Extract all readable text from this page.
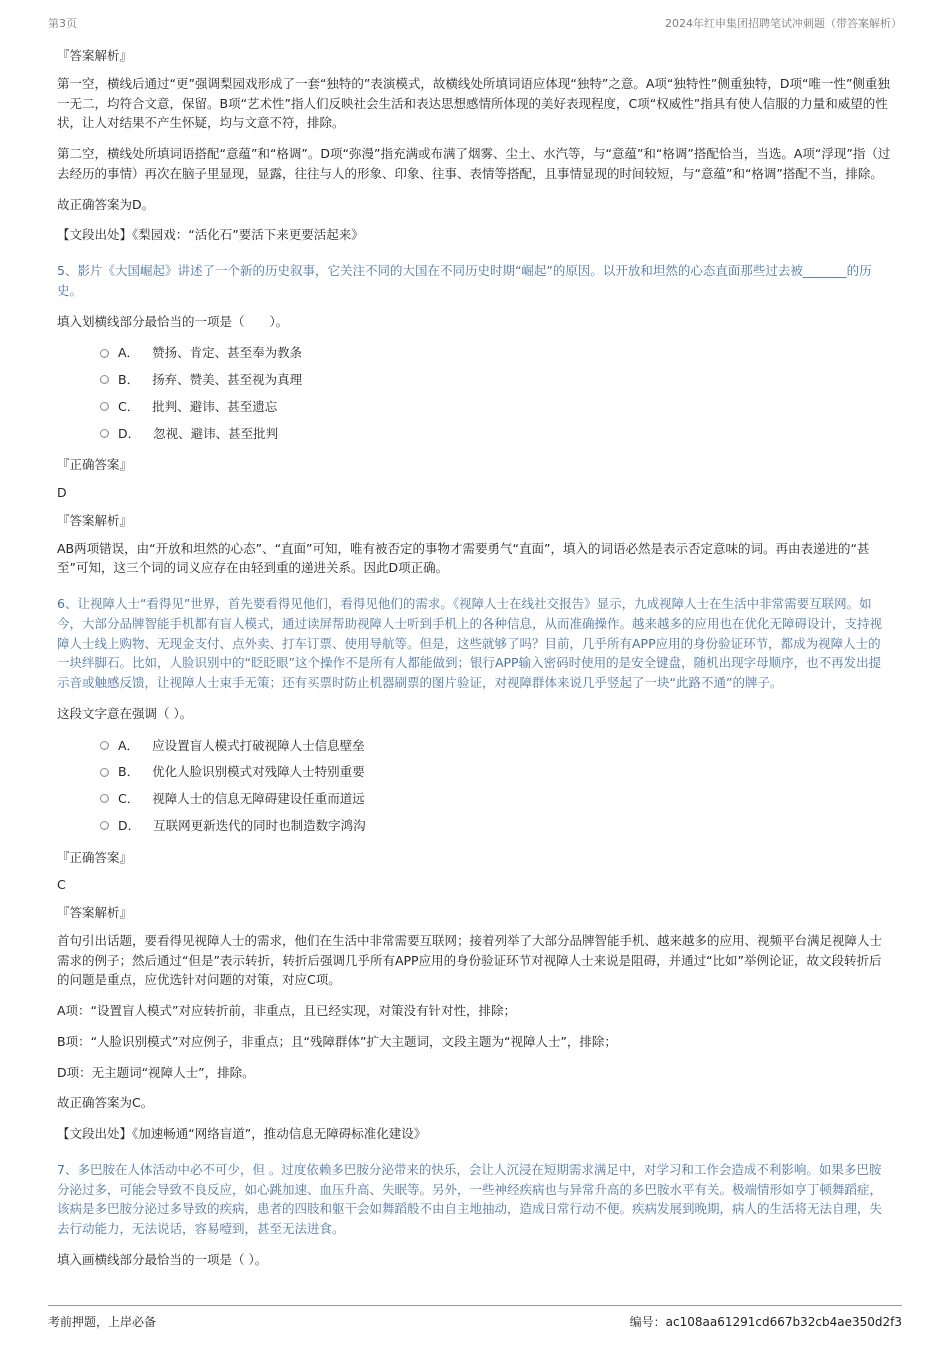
第3页	2024年红申集团招聘笔试冲刺题（带答案解析）

『答案解析』

第一空，横线后通过“更”强调梨园戏形成了一套“独特的”表演模式，故横线处所填词语应体现“独特”之意。A项“独特性”侧重独特，D项“唯一性”侧重独一无二，均符合文意，保留。B项“艺术性”指人们反映社会生活和表达思想感情所体现的美好表现程度，C项“权威性”指具有使人信服的力量和威望的性状，让人对结果不产生怀疑，均与文意不符，排除。

第二空，横线处所填词语搭配“意蕴”和“格调”。D项“弥漫”指充满或布满了烟雾、尘土、水汽等，与“意蕴”和“格调”搭配恰当，当选。A项“浮现”指（过去经历的事情）再次在脑子里显现，显露，往往与人的形象、印象、往事、表情等搭配，且事情显现的时间较短，与“意蕴”和“格调”搭配不当，排除。

故正确答案为D。

【文段出处】《梨园戏：“活化石”要活下来更要活起来》

5、影片《大国崛起》讲述了一个新的历史叙事，它关注不同的大国在不同历史时期“崛起”的原因。以开放和坦然的心态直面那些过去被_______的历史。

填入划横线部分最恰当的一项是（　　）。

A． 赞扬、肯定、甚至奉为教条
B． 扬弃、赞美、甚至视为真理
C． 批判、避讳、甚至遗忘
D． 忽视、避讳、甚至批判

『正确答案』

D

『答案解析』

AB两项错误，由“开放和坦然的心态”、“直面”可知，唯有被否定的事物才需要勇气“直面”，填入的词语必然是表示否定意味的词。再由表递进的“甚至”可知，这三个词的词义应存在由轻到重的递进关系。因此D项正确。

6、让视障人士“看得见”世界，首先要看得见他们，看得见他们的需求。《视障人士在线社交报告》显示，九成视障人士在生活中非常需要互联网。如今，大部分品牌智能手机都有盲人模式，通过读屏帮助视障人士听到手机上的各种信息，从而准确操作。越来越多的应用也在优化无障碍设计，支持视障人士线上购物、无现金支付、点外卖、打车订票、使用导航等。但是，这些就够了吗？目前，几乎所有APP应用的身份验证环节，都成为视障人士的一块绊脚石。比如，人脸识别中的“眨眨眼”这个操作不是所有人都能做到；银行APP输入密码时使用的是安全键盘，随机出现字母顺序，也不再发出提示音或触感反馈，让视障人士束手无策；还有买票时防止机器刷票的图片验证，对视障群体来说几乎竖起了一块“此路不通”的牌子。

这段文字意在强调（ ）。

A． 应设置盲人模式打破视障人士信息壁垒
B． 优化人脸识别模式对残障人士特别重要
C． 视障人士的信息无障碍建设任重而道远
D． 互联网更新迭代的同时也制造数字鸿沟

『正确答案』

C

『答案解析』

首句引出话题，要看得见视障人士的需求，他们在生活中非常需要互联网；接着列举了大部分品牌智能手机、越来越多的应用、视频平台满足视障人士需求的例子；然后通过“但是”表示转折，转折后强调几乎所有APP应用的身份验证环节对视障人士来说是阻碍，并通过“比如”举例论证，故文段转折后的问题是重点，应优选针对问题的对策，对应C项。

A项：“设置盲人模式”对应转折前，非重点，且已经实现，对策没有针对性，排除；

B项：“人脸识别模式”对应例子，非重点；且“残障群体”扩大主题词，文段主题为“视障人士”，排除；

D项：无主题词“视障人士”，排除。

故正确答案为C。

【文段出处】《加速畅通“网络盲道”，推动信息无障碍标准化建设》

7、多巴胺在人体活动中必不可少，但 。过度依赖多巴胺分泌带来的快乐，会让人沉浸在短期需求满足中，对学习和工作会造成不利影响。如果多巴胺分泌过多，可能会导致不良反应，如心跳加速、血压升高、失眠等。另外，一些神经疾病也与异常升高的多巴胺水平有关。极端情形如亨丁顿舞蹈症，该病是多巴胺分泌过多导致的疾病，患者的四肢和躯干会如舞蹈般不由自主地抽动，造成日常行动不便。疾病发展到晚期，病人的生活将无法自理，失去行动能力，无法说话，容易噎到，甚至无法进食。

填入画横线部分最恰当的一项是（ ）。

考前押题，上岸必备	编号：ac108aa61291cd667b32cb4ae350d2f3
